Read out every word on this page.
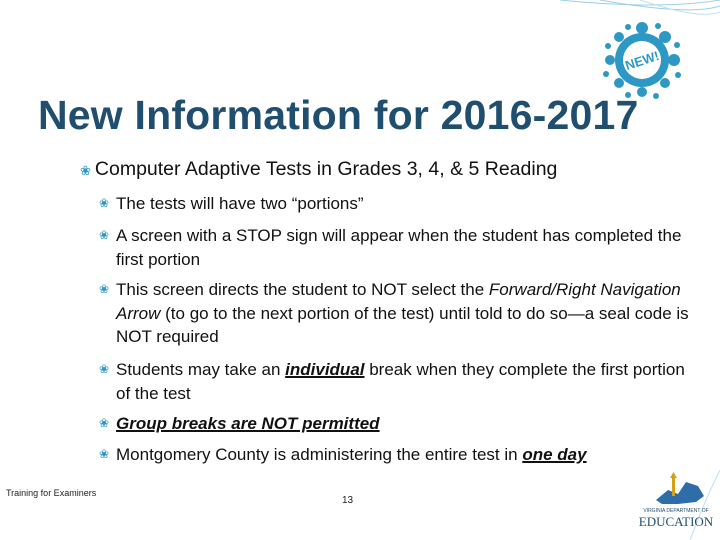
NEW!
New Information for 2016-2017
❀ Computer Adaptive Tests in Grades 3, 4, & 5 Reading
❀ The tests will have two “portions”
❀ A screen with a STOP sign will appear when the student has completed the first portion
❀ This screen directs the student to NOT select the Forward/Right Navigation Arrow (to go to the next portion of the test) until told to do so—a seal code is NOT required
❀ Students may take an individual break when they complete the first portion of the test
❀ Group breaks are NOT permitted
❀ Montgomery County is administering the entire test in one day
Training for Examiners
13
VIRGINIA DEPARTMENT OF
EDUCATION
